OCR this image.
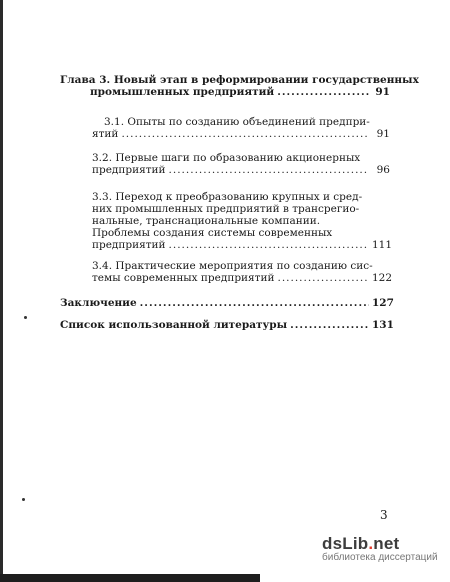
Глава 3. Новый этап в реформировании государственных
промышленных предприятий .....	91
3.1. Опыты по созданию объединений предпри-
ятий .....	91
3.2. Первые шаги по образованию акционерных
предприятий .....	96
3.3. Переход к преобразованию крупных и сред-
них промышленных предприятий в трансрегио-
нальные, транснациональные компании.
Проблемы создания системы современных
предприятий .....	111
3.4. Практические мероприятия по созданию сис-
темы современных предприятий .....	122
Заключение .....	127
Список использованной литературы .....	131
3
dsLib.net
библиотека диссертаций
